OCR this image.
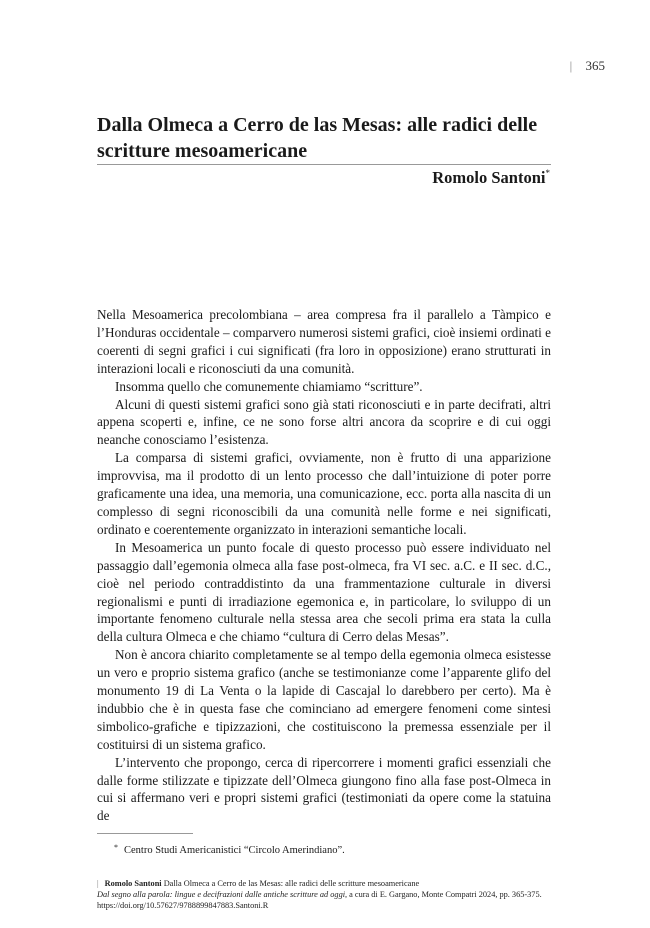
| 365
Dalla Olmeca a Cerro de las Mesas: alle radici delle scritture mesoamericane
Romolo Santoni*

Nella Mesoamerica precolombiana – area compresa fra il parallelo a Tàmpico e l’Honduras occidentale – comparvero numerosi sistemi grafici, cioè insiemi ordinati e coerenti di segni grafici i cui significati (fra loro in opposizione) erano strutturati in interazioni locali e riconosciuti da una comunità.

Insomma quello che comunemente chiamiamo “scritture”.

Alcuni di questi sistemi grafici sono già stati riconosciuti e in parte decifrati, altri appena scoperti e, infine, ce ne sono forse altri ancora da scoprire e di cui oggi neanche conosciamo l’esistenza.

La comparsa di sistemi grafici, ovviamente, non è frutto di una apparizione improvvisa, ma il prodotto di un lento processo che dall’intuizione di poter porre graficamente una idea, una memoria, una comunicazione, ecc. porta alla nascita di un complesso di segni riconoscibili da una comunità nelle forme e nei significati, ordinato e coerentemente organizzato in interazioni semantiche locali.

In Mesoamerica un punto focale di questo processo può essere individuato nel passaggio dall’egemonia olmeca alla fase post-olmeca, fra VI sec. a.C. e II sec. d.C., cioè nel periodo contraddistinto da una frammentazione culturale in diversi regionalismi e punti di irradiazione egemonica e, in particolare, lo sviluppo di un importante fenomeno culturale nella stessa area che secoli prima era stata la culla della cultura Olmeca e che chiamo “cultura di Cerro delas Mesas”.

Non è ancora chiarito completamente se al tempo della egemonia olmeca esistesse un vero e proprio sistema grafico (anche se testimonianze come l’apparente glifo del monumento 19 di La Venta o la lapide di Cascajal lo darebbero per certo). Ma è indubbio che è in questa fase che cominciano ad emergere fenomeni come sintesi simbolico-grafiche e tipizzazioni, che costituiscono la premessa essenziale per il costituirsi di un sistema grafico.

L’intervento che propongo, cerca di ripercorrere i momenti grafici essenziali che dalle forme stilizzate e tipizzate dell’Olmeca giungono fino alla fase post-Olmeca in cui si affermano veri e propri sistemi grafici (testimoniati da opere come la statuina de

* Centro Studi Americanistici “Circolo Amerindiano”.
| Romolo Santoni Dalla Olmeca a Cerro de las Mesas: alle radici delle scritture mesoamericane
Dal segno alla parola: lingue e decifrazioni dalle antiche scritture ad oggi, a cura di E. Gargano, Monte Compatri 2024, pp. 365-375.
https://doi.org/10.57627/9788899847883.Santoni.R
